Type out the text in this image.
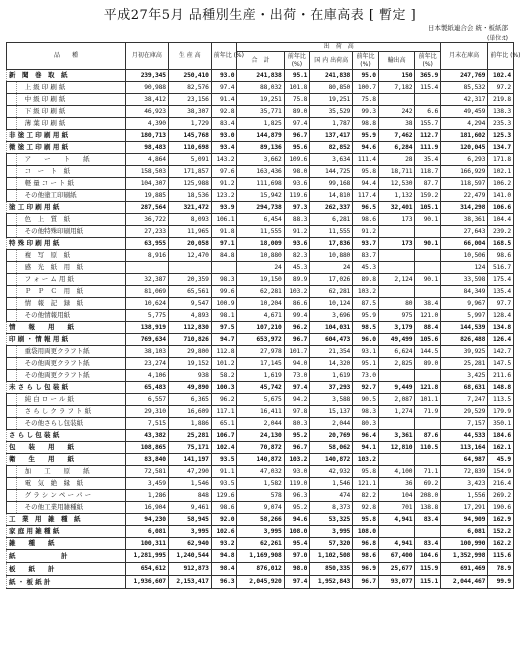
平成27年5月 品種別生産・出荷・在庫高表 [ 暫定 ]
日本製紙連合会 統・板紙部
(単位:t)
品　　種		月初在庫高	生 産 高	前年比 (%)	出　荷　高						月末在庫高	前年比 (%)
					合　計	前年比 (%)	国 内 出荷高	前年比 (%)	輸出高	前年比 (%)		
新　聞　巻　取　紙		239,345	250,410	93.0	241,838	95.1	241,838	95.0	150	365.9	247,769	102.4
	上 級 印 刷 紙	90,988	82,576	97.4	88,032	101.8	80,850	100.7	7,182	115.4	85,532	97.2
	中 級 印 刷 紙	38,412	23,156	91.4	19,251	75.8	19,251	75.8			42,317	219.8
	下 級 印 刷 紙	46,923	38,307	92.8	35,771	89.0	35,529	99.3	242	6.6	49,459	138.3
	薄 葉 印 刷 紙	4,390	1,729	83.4	1,825	97.4	1,787	98.8	38	155.7	4,294	235.3
非 塗 工 印 刷 用 紙		180,713	145,768	93.0	144,879	96.7	137,417	95.9	7,462	112.7	181,602	125.3
微 塗 工 印 刷 用 紙		98,483	110,698	93.4	89,136	95.6	82,852	94.6	6,284	111.9	120,045	134.7
	ア　　ー　　ト　　紙	4,864	5,091	143.2	3,662	109.6	3,634	111.4	28	35.4	6,293	171.8
	コ　ー　ト　紙	158,503	171,857	97.6	163,436	98.0	144,725	95.8	18,711	118.7	166,929	102.1
	軽 量 コ ー ト 紙	104,307	125,988	91.2	111,698	93.6	99,168	94.4	12,530	87.7	118,597	106.2
	その他塗工印刷紙	19,885	18,536	123.2	15,942	119.6	14,810	117.4	1,132	159.2	22,479	141.0
塗 工 印 刷 用 紙		287,564	321,472	93.9	294,738	97.3	262,337	96.5	32,401	105.1	314,298	106.6
	色　上　質　紙	36,722	8,093	106.1	6,454	88.3	6,281	98.6	173	90.1	38,361	104.4
	その他特殊印刷用紙	27,233	11,965	91.8	11,555	91.2	11,555	91.2			27,643	239.2
特 殊 印 刷 用 紙		63,955	20,058	97.1	18,009	93.6	17,836	93.7	173	90.1	66,004	168.5
	複　写　原　紙	8,916	12,470	84.8	10,880	82.3	10,880	83.7			10,506	98.6
	感　光　紙　用　紙				24	45.3	24	45.3			124	516.7
	フ ォ ー ム 用 紙	32,387	20,359	98.3	19,150	89.9	17,026	89.8	2,124	90.1	33,598	175.4
	Ｐ　Ｐ　Ｃ　用　紙	81,069	65,561	99.6	62,281	103.2	62,281	103.2			84,349	135.4
	情　報　記　録　紙	10,624	9,547	100.9	10,204	86.6	10,124	87.5	80	38.4	9,967	97.7
	その他情報用紙	5,775	4,893	98.1	4,671	99.4	3,696	95.9	975	121.0	5,997	128.4
情　　報　　用　　紙		138,919	112,830	97.5	107,210	96.2	104,031	98.5	3,179	88.4	144,539	134.8
印 刷 ・ 情 報 用 紙		769,634	710,826	94.7	653,972	96.7	604,473	96.0	49,499	105.6	826,488	126.4
	重袋用両更クラフト紙	38,103	29,800	112.8	27,978	101.7	21,354	93.1	6,624	144.5	39,925	142.7
	その他両更クラフト紙	23,274	19,152	101.2	17,145	94.0	14,320	95.1	2,825	89.0	25,281	147.5
	その他両更クラフト紙	4,106	938	58.2	1,619	73.0	1,619	73.0			3,425	211.6
未 さ ら し 包 装 紙		65,483	49,890	100.3	45,742	97.4	37,293	92.7	9,449	121.8	68,631	148.8
	純 白 ロ ー ル 紙	6,557	6,365	96.2	5,675	94.2	3,588	90.5	2,087	101.1	7,247	113.5
	さ ら し ク ラ フ ト 紙	29,310	16,609	117.1	16,411	97.8	15,137	98.3	1,274	71.9	29,529	179.9
	その他さらし包装紙	7,515	1,886	65.1	2,044	80.3	2,044	80.3			7,157	350.1
さ ら し 包 装 紙		43,382	25,281	106.7	24,130	95.2	20,769	96.4	3,361	87.6	44,533	184.6
包　　装　　用　　紙		108,865	75,171	102.4	70,872	96.7	58,062	94.1	12,810	110.5	113,164	162.1
衛　　生　　用　　紙		83,840	141,197	93.5	140,872	103.2	140,872	103.2			64,987	45.9
	加　　工　　原　　紙	72,581	47,290	91.1	47,032	93.0	42,932	95.8	4,100	71.1	72,839	154.9
	電　気　絶　縁　紙	3,459	1,546	93.5	1,582	119.0	1,546	121.1	36	69.2	3,423	216.4
	グ ラ シ ン ペ ー パ ー	1,286	848	129.6	578	96.3	474	82.2	104	208.0	1,556	269.2
	その他工業用雑種紙	16,904	9,461	98.6	9,074	95.2	8,373	92.8	701	138.8	17,291	190.6
工　業　用　雑　種　紙		94,230	58,945	92.0	58,266	94.6	53,325	95.8	4,941	83.4	94,909	162.9
家 庭 用 雑 種 紙		6,081	3,995	102.6	3,995	108.0	3,995	108.0			6,081	152.2
雑　　種　　紙		100,311	62,940	93.2	62,261	95.4	57,320	96.8	4,941	83.4	100,990	162.2
紙　　　　　　　計		1,281,995	1,240,544	94.8	1,169,908	97.0	1,102,508	98.6	67,400	104.6	1,352,998	115.6
板　　紙　　計		654,612	912,873	98.4	876,012	98.0	850,335	96.9	25,677	115.9	691,469	78.9
紙 ・ 板 紙 計		1,936,607	2,153,417	96.3	2,045,920	97.4	1,952,843	96.7	93,077	115.1	2,044,467	99.9
